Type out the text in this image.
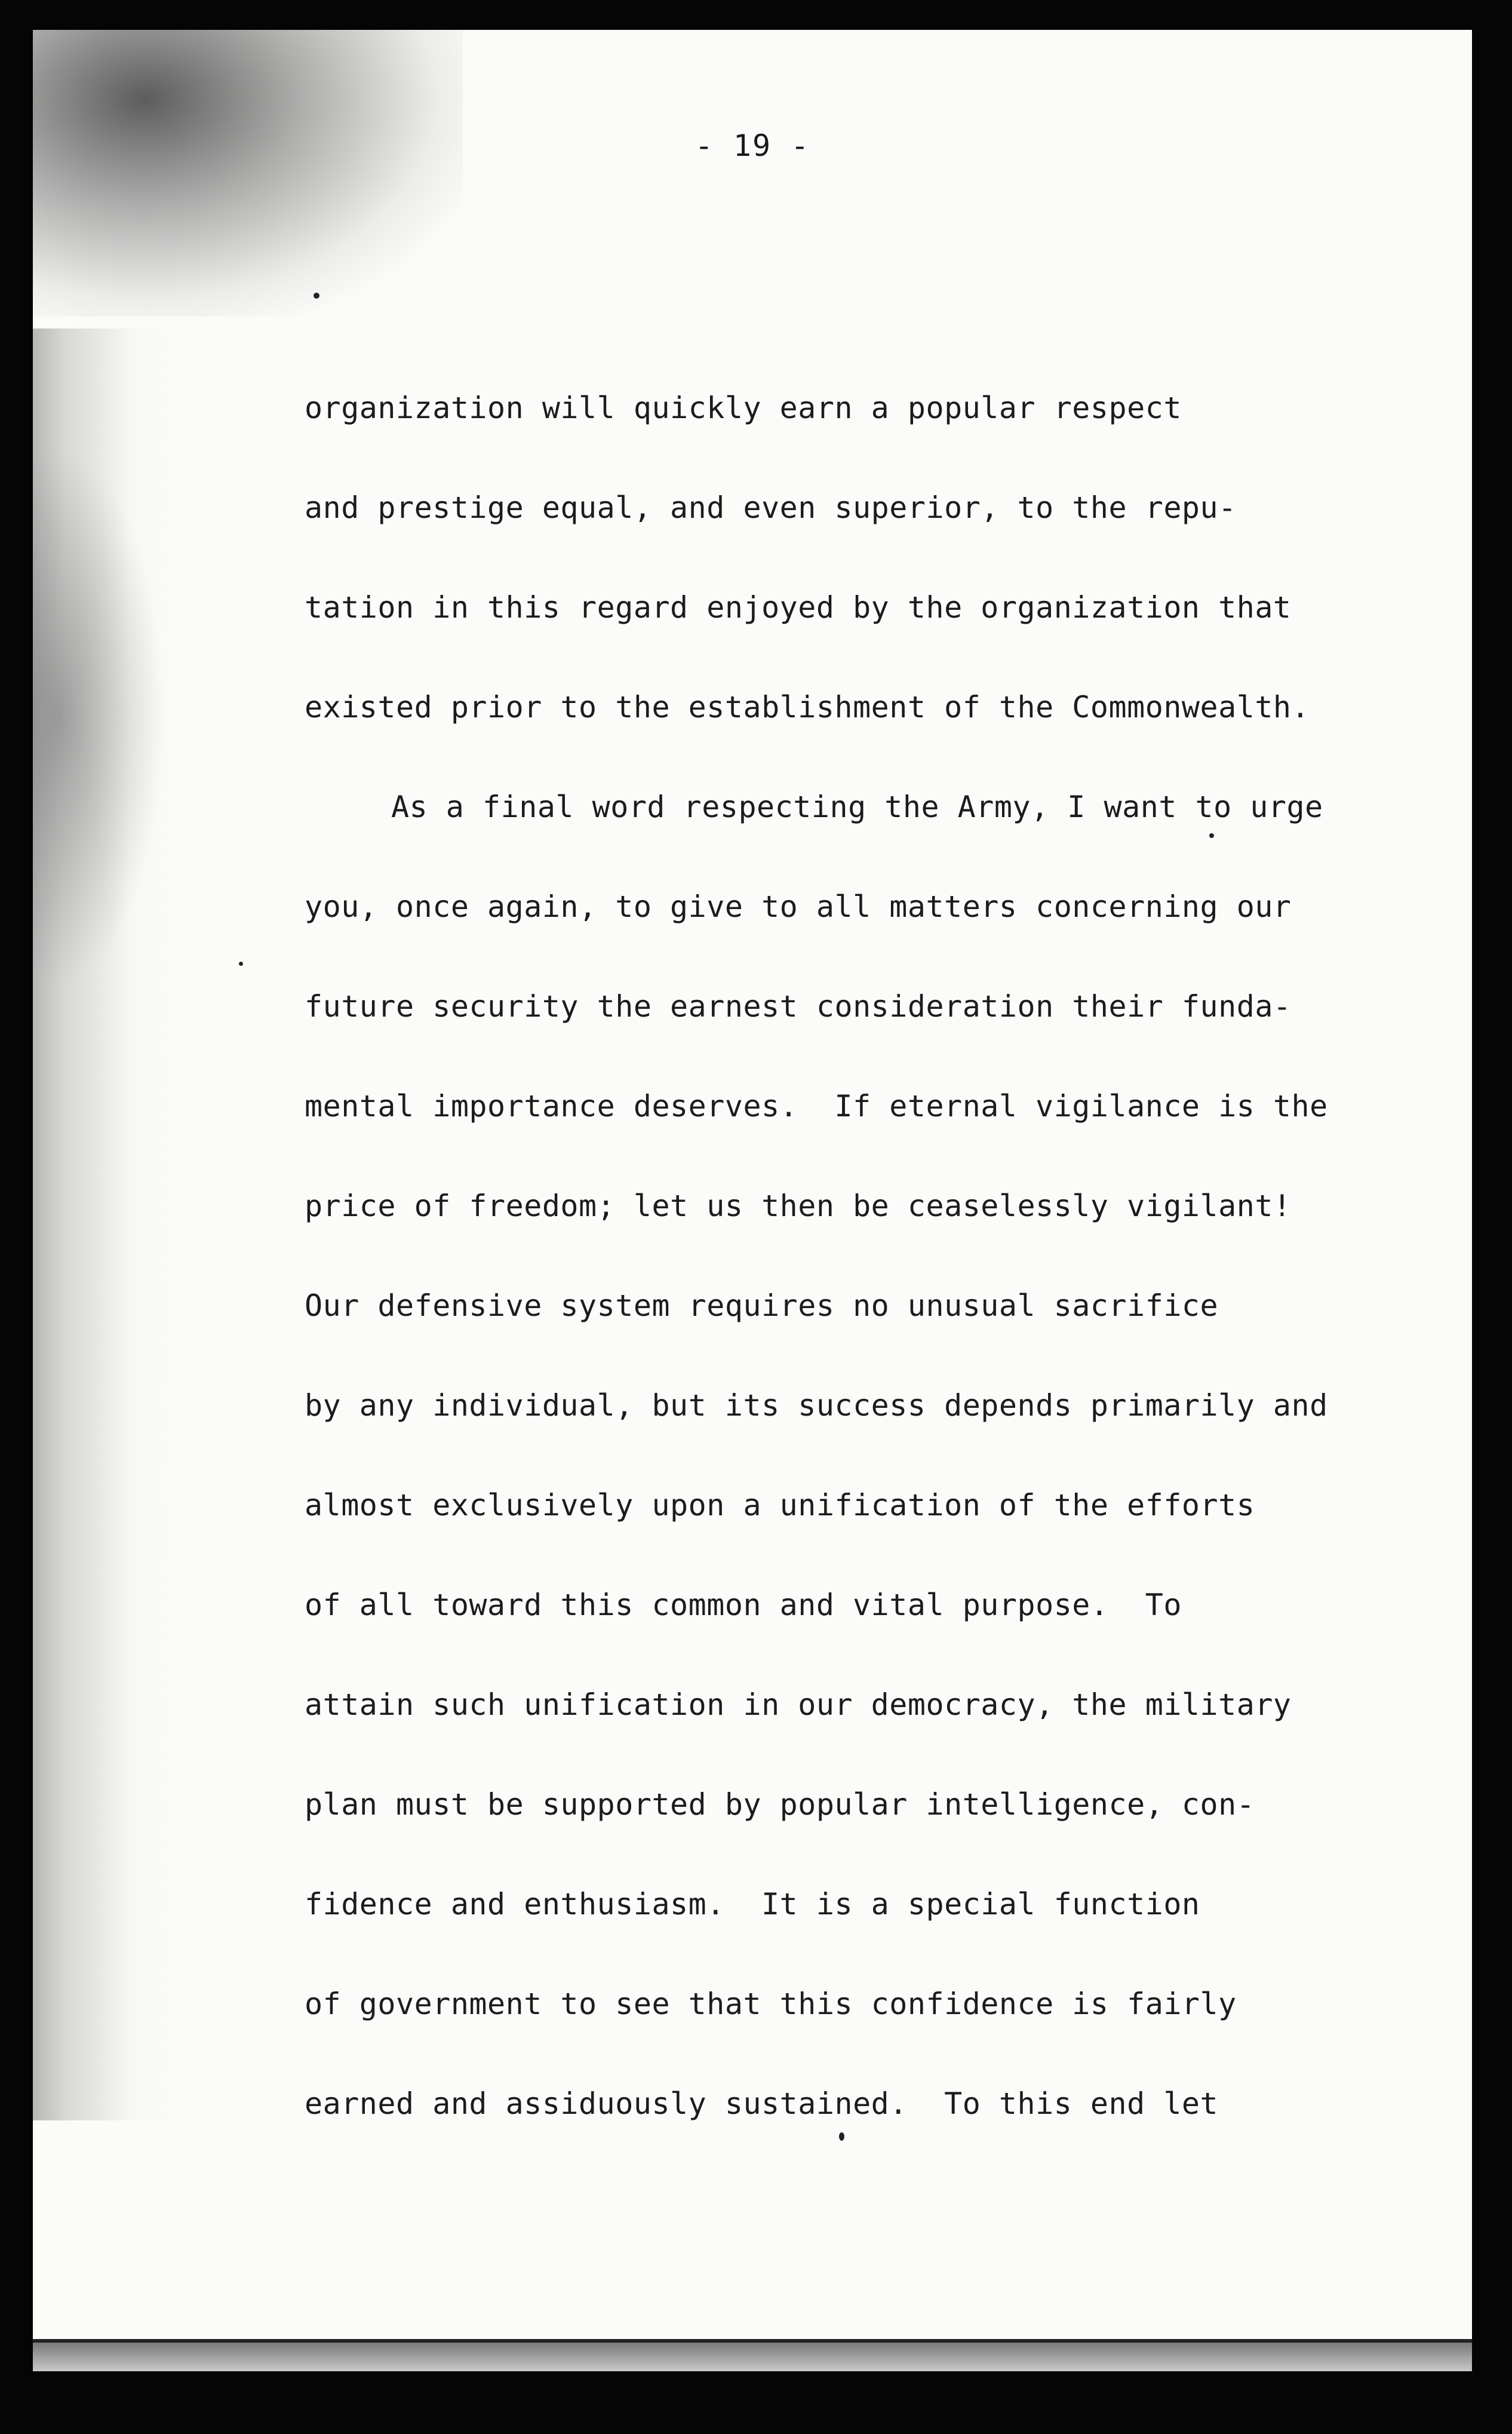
- 19 -
organization will quickly earn a popular respect
and prestige equal, and even superior, to the repu-
tation in this regard enjoyed by the organization that
existed prior to the establishment of the Commonwealth.
As a final word respecting the Army, I want to urge
you, once again, to give to all matters concerning our
future security the earnest consideration their funda-
mental importance deserves.  If eternal vigilance is the
price of freedom; let us then be ceaselessly vigilant!
Our defensive system requires no unusual sacrifice
by any individual, but its success depends primarily and
almost exclusively upon a unification of the efforts
of all toward this common and vital purpose.  To
attain such unification in our democracy, the military
plan must be supported by popular intelligence, con-
fidence and enthusiasm.  It is a special function
of government to see that this confidence is fairly
earned and assiduously sustained.  To this end let
